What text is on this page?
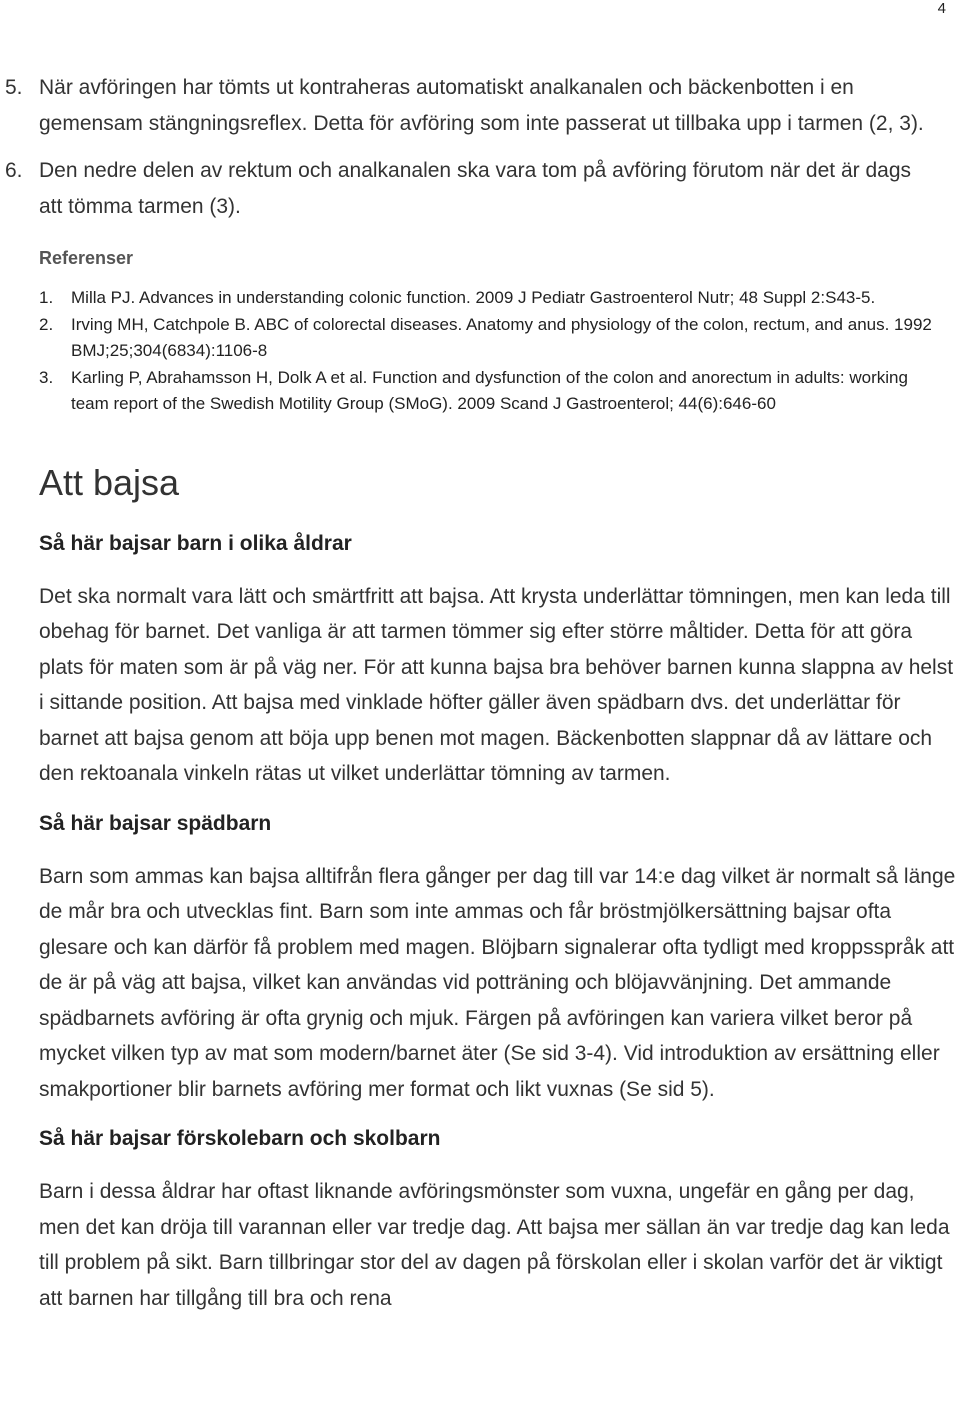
4
5. När avföringen har tömts ut kontraheras automatiskt analkanalen och bäckenbotten i en gemensam stängningsreflex. Detta för avföring som inte passerat ut tillbaka upp i tarmen (2, 3).
6. Den nedre delen av rektum och analkanalen ska vara tom på avföring förutom när det är dags att tömma tarmen (3).
Referenser
1. Milla PJ. Advances in understanding colonic function. 2009 J Pediatr Gastroenterol Nutr; 48 Suppl 2:S43-5.
2. Irving MH, Catchpole B. ABC of colorectal diseases. Anatomy and physiology of the colon, rectum, and anus. 1992 BMJ;25;304(6834):1106-8
3. Karling P, Abrahamsson H, Dolk A et al. Function and dysfunction of the colon and anorectum in adults: working team report of the Swedish Motility Group (SMoG). 2009 Scand J Gastroenterol; 44(6):646-60
Att bajsa
Så här bajsar barn i olika åldrar
Det ska normalt vara lätt och smärtfritt att bajsa. Att krysta underlättar tömningen, men kan leda till obehag för barnet. Det vanliga är att tarmen tömmer sig efter större måltider. Detta för att göra plats för maten som är på väg ner. För att kunna bajsa bra behöver barnen kunna slappna av helst i sittande position. Att bajsa med vinklade höfter gäller även spädbarn dvs. det underlättar för barnet att bajsa genom att böja upp benen mot magen. Bäckenbotten slappnar då av lättare och den rektoanala vinkeln rätas ut vilket underlättar tömning av tarmen.
Så här bajsar spädbarn
Barn som ammas kan bajsa alltifrån flera gånger per dag till var 14:e dag vilket är normalt så länge de mår bra och utvecklas fint. Barn som inte ammas och får bröstmjölkersättning bajsar ofta glesare och kan därför få problem med magen. Blöjbarn signalerar ofta tydligt med kroppsspråk att de är på väg att bajsa, vilket kan användas vid potträning och blöjavvänjning. Det ammande spädbarnets avföring är ofta grynig och mjuk. Färgen på avföringen kan variera vilket beror på mycket vilken typ av mat som modern/barnet äter (Se sid 3-4). Vid introduktion av ersättning eller smakportioner blir barnets avföring mer format och likt vuxnas (Se sid 5).
Så här bajsar förskolebarn och skolbarn
Barn i dessa åldrar har oftast liknande avföringsmönster som vuxna, ungefär en gång per dag, men det kan dröja till varannan eller var tredje dag. Att bajsa mer sällan än var tredje dag kan leda till problem på sikt. Barn tillbringar stor del av dagen på förskolan eller i skolan varför det är viktigt att barnen har tillgång till bra och rena
